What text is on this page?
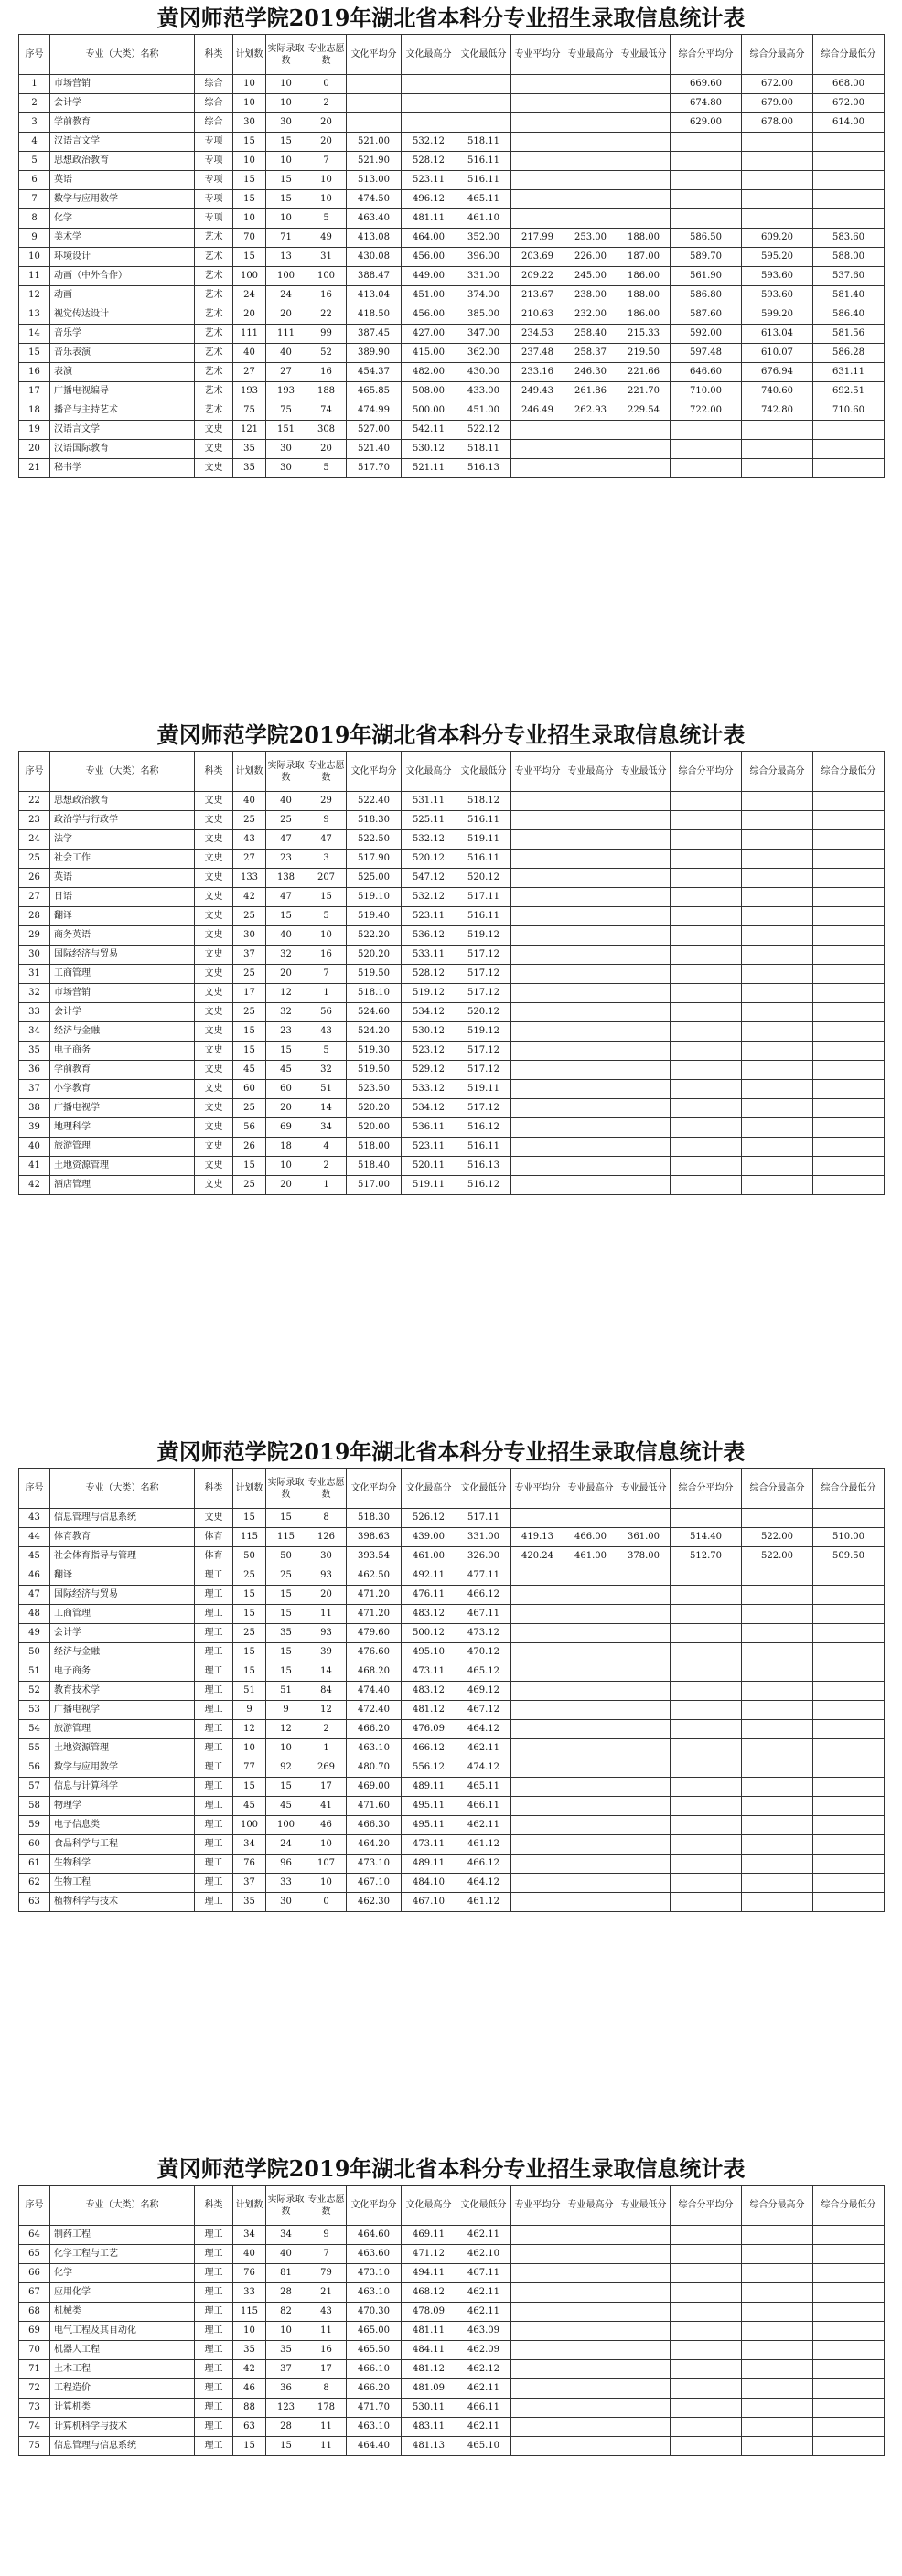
黄冈师范学院2019年湖北省本科分专业招生录取信息统计表
序号	专业（大类）名称	科类	计划数	实际录取数	专业志愿数	文化平均分	文化最高分	文化最低分	专业平均分	专业最高分	专业最低分	综合分平均分	综合分最高分	综合分最低分
1	市场营销	综合	10	10	0							669.60	672.00	668.00
2	会计学	综合	10	10	2							674.80	679.00	672.00
3	学前教育	综合	30	30	20							629.00	678.00	614.00
4	汉语言文学	专项	15	15	20	521.00	532.12	518.11						
5	思想政治教育	专项	10	10	7	521.90	528.12	516.11						
6	英语	专项	15	15	10	513.00	523.11	516.11						
7	数学与应用数学	专项	15	15	10	474.50	496.12	465.11						
8	化学	专项	10	10	5	463.40	481.11	461.10						
9	美术学	艺术	70	71	49	413.08	464.00	352.00	217.99	253.00	188.00	586.50	609.20	583.60
10	环境设计	艺术	15	13	31	430.08	456.00	396.00	203.69	226.00	187.00	589.70	595.20	588.00
11	动画（中外合作）	艺术	100	100	100	388.47	449.00	331.00	209.22	245.00	186.00	561.90	593.60	537.60
12	动画	艺术	24	24	16	413.04	451.00	374.00	213.67	238.00	188.00	586.80	593.60	581.40
13	视觉传达设计	艺术	20	20	22	418.50	456.00	385.00	210.63	232.00	186.00	587.60	599.20	586.40
14	音乐学	艺术	111	111	99	387.45	427.00	347.00	234.53	258.40	215.33	592.00	613.04	581.56
15	音乐表演	艺术	40	40	52	389.90	415.00	362.00	237.48	258.37	219.50	597.48	610.07	586.28
16	表演	艺术	27	27	16	454.37	482.00	430.00	233.16	246.30	221.66	646.60	676.94	631.11
17	广播电视编导	艺术	193	193	188	465.85	508.00	433.00	249.43	261.86	221.70	710.00	740.60	692.51
18	播音与主持艺术	艺术	75	75	74	474.99	500.00	451.00	246.49	262.93	229.54	722.00	742.80	710.60
19	汉语言文学	文史	121	151	308	527.00	542.11	522.12						
20	汉语国际教育	文史	35	30	20	521.40	530.12	518.11						
21	秘书学	文史	35	30	5	517.70	521.11	516.13						
黄冈师范学院2019年湖北省本科分专业招生录取信息统计表
序号	专业（大类）名称	科类	计划数	实际录取数	专业志愿数	文化平均分	文化最高分	文化最低分	专业平均分	专业最高分	专业最低分	综合分平均分	综合分最高分	综合分最低分
22	思想政治教育	文史	40	40	29	522.40	531.11	518.12						
23	政治学与行政学	文史	25	25	9	518.30	525.11	516.11						
24	法学	文史	43	47	47	522.50	532.12	519.11						
25	社会工作	文史	27	23	3	517.90	520.12	516.11						
26	英语	文史	133	138	207	525.00	547.12	520.12						
27	日语	文史	42	47	15	519.10	532.12	517.11						
28	翻译	文史	25	15	5	519.40	523.11	516.11						
29	商务英语	文史	30	40	10	522.20	536.12	519.12						
30	国际经济与贸易	文史	37	32	16	520.20	533.11	517.12						
31	工商管理	文史	25	20	7	519.50	528.12	517.12						
32	市场营销	文史	17	12	1	518.10	519.12	517.12						
33	会计学	文史	25	32	56	524.60	534.12	520.12						
34	经济与金融	文史	15	23	43	524.20	530.12	519.12						
35	电子商务	文史	15	15	5	519.30	523.12	517.12						
36	学前教育	文史	45	45	32	519.50	529.12	517.12						
37	小学教育	文史	60	60	51	523.50	533.12	519.11						
38	广播电视学	文史	25	20	14	520.20	534.12	517.12						
39	地理科学	文史	56	69	34	520.00	536.11	516.12						
40	旅游管理	文史	26	18	4	518.00	523.11	516.11						
41	土地资源管理	文史	15	10	2	518.40	520.11	516.13						
42	酒店管理	文史	25	20	1	517.00	519.11	516.12						
黄冈师范学院2019年湖北省本科分专业招生录取信息统计表
序号	专业（大类）名称	科类	计划数	实际录取数	专业志愿数	文化平均分	文化最高分	文化最低分	专业平均分	专业最高分	专业最低分	综合分平均分	综合分最高分	综合分最低分
43	信息管理与信息系统	文史	15	15	8	518.30	526.12	517.11						
44	体育教育	体育	115	115	126	398.63	439.00	331.00	419.13	466.00	361.00	514.40	522.00	510.00
45	社会体育指导与管理	体育	50	50	30	393.54	461.00	326.00	420.24	461.00	378.00	512.70	522.00	509.50
46	翻译	理工	25	25	93	462.50	492.11	477.11						
47	国际经济与贸易	理工	15	15	20	471.20	476.11	466.12						
48	工商管理	理工	15	15	11	471.20	483.12	467.11						
49	会计学	理工	25	35	93	479.60	500.12	473.12						
50	经济与金融	理工	15	15	39	476.60	495.10	470.12						
51	电子商务	理工	15	15	14	468.20	473.11	465.12						
52	教育技术学	理工	51	51	84	474.40	483.12	469.12						
53	广播电视学	理工	9	9	12	472.40	481.12	467.12						
54	旅游管理	理工	12	12	2	466.20	476.09	464.12						
55	土地资源管理	理工	10	10	1	463.10	466.12	462.11						
56	数学与应用数学	理工	77	92	269	480.70	556.12	474.12						
57	信息与计算科学	理工	15	15	17	469.00	489.11	465.11						
58	物理学	理工	45	45	41	471.60	495.11	466.11						
59	电子信息类	理工	100	100	46	466.30	495.11	462.11						
60	食品科学与工程	理工	34	24	10	464.20	473.11	461.12						
61	生物科学	理工	76	96	107	473.10	489.11	466.12						
62	生物工程	理工	37	33	10	467.10	484.10	464.12						
63	植物科学与技术	理工	35	30	0	462.30	467.10	461.12						
黄冈师范学院2019年湖北省本科分专业招生录取信息统计表
序号	专业（大类）名称	科类	计划数	实际录取数	专业志愿数	文化平均分	文化最高分	文化最低分	专业平均分	专业最高分	专业最低分	综合分平均分	综合分最高分	综合分最低分
64	制药工程	理工	34	34	9	464.60	469.11	462.11						
65	化学工程与工艺	理工	40	40	7	463.60	471.12	462.10						
66	化学	理工	76	81	79	473.10	494.11	467.11						
67	应用化学	理工	33	28	21	463.10	468.12	462.11						
68	机械类	理工	115	82	43	470.30	478.09	462.11						
69	电气工程及其自动化	理工	10	10	11	465.00	481.11	463.09						
70	机器人工程	理工	35	35	16	465.50	484.11	462.09						
71	土木工程	理工	42	37	17	466.10	481.12	462.12						
72	工程造价	理工	46	36	8	466.20	481.09	462.11						
73	计算机类	理工	88	123	178	471.70	530.11	466.11						
74	计算机科学与技术	理工	63	28	11	463.10	483.11	462.11						
75	信息管理与信息系统	理工	15	15	11	464.40	481.13	465.10						
